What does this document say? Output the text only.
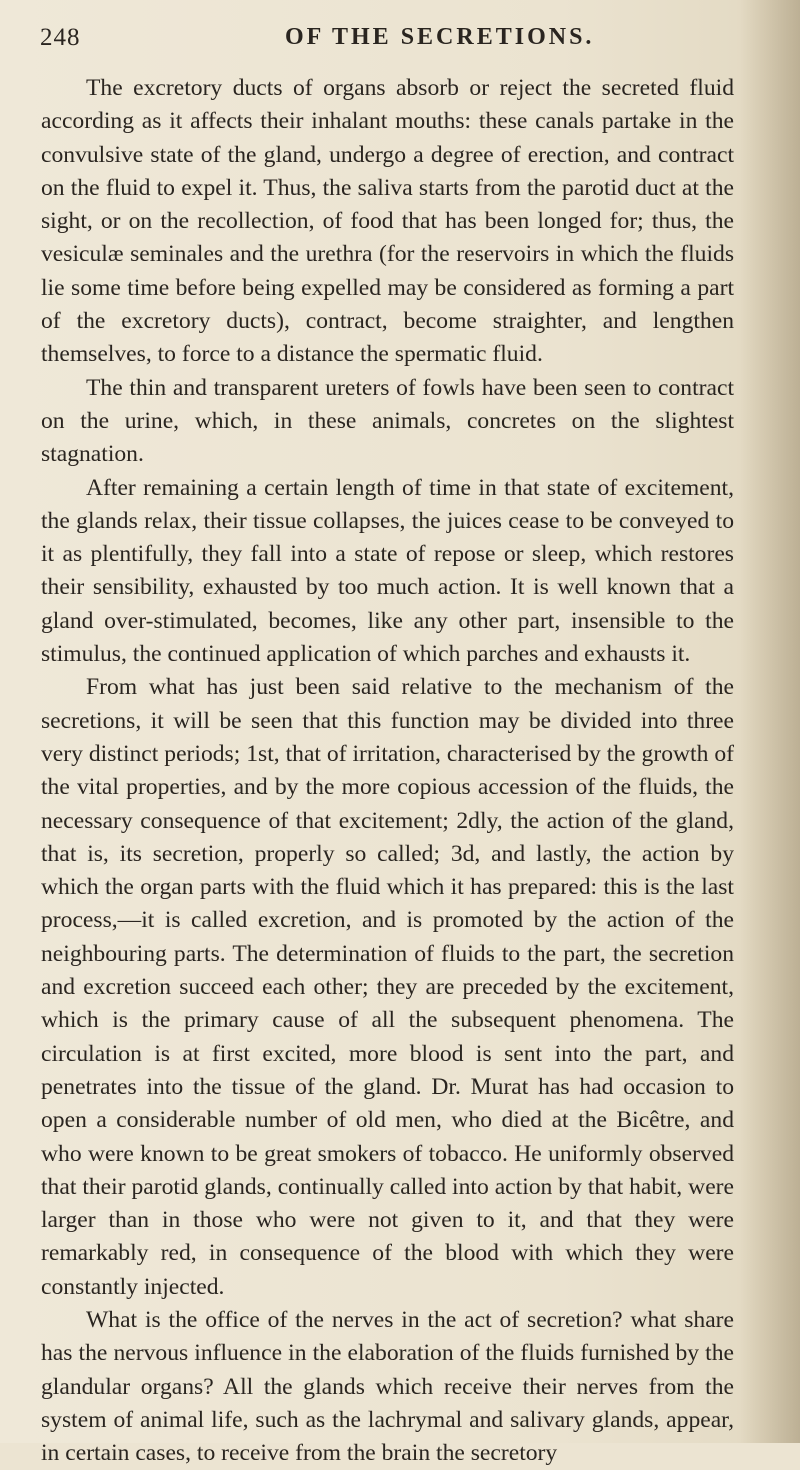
248	OF THE SECRETIONS.

The excretory ducts of organs absorb or reject the secreted fluid according as it affects their inhalant mouths: these canals partake in the convulsive state of the gland, undergo a degree of erection, and contract on the fluid to expel it. Thus, the saliva starts from the parotid duct at the sight, or on the recollection, of food that has been longed for; thus, the vesiculæ seminales and the urethra (for the reservoirs in which the fluids lie some time before being expelled may be considered as forming a part of the excretory ducts), contract, become straighter, and lengthen themselves, to force to a distance the spermatic fluid.

The thin and transparent ureters of fowls have been seen to contract on the urine, which, in these animals, concretes on the slightest stagnation.

After remaining a certain length of time in that state of excitement, the glands relax, their tissue collapses, the juices cease to be conveyed to it as plentifully, they fall into a state of repose or sleep, which restores their sensibility, exhausted by too much action. It is well known that a gland over-stimulated, becomes, like any other part, insensible to the stimulus, the continued application of which parches and exhausts it.

From what has just been said relative to the mechanism of the secretions, it will be seen that this function may be divided into three very distinct periods; 1st, that of irritation, characterised by the growth of the vital properties, and by the more copious accession of the fluids, the necessary consequence of that excitement; 2dly, the action of the gland, that is, its secretion, properly so called; 3d, and lastly, the action by which the organ parts with the fluid which it has prepared: this is the last process,—it is called excretion, and is promoted by the action of the neighbouring parts. The determination of fluids to the part, the secretion and excretion succeed each other; they are preceded by the excitement, which is the primary cause of all the subsequent phenomena. The circulation is at first excited, more blood is sent into the part, and penetrates into the tissue of the gland. Dr. Murat has had occasion to open a considerable number of old men, who died at the Bicêtre, and who were known to be great smokers of tobacco. He uniformly observed that their parotid glands, continually called into action by that habit, were larger than in those who were not given to it, and that they were remarkably red, in consequence of the blood with which they were constantly injected.

What is the office of the nerves in the act of secretion? what share has the nervous influence in the elaboration of the fluids furnished by the glandular organs? All the glands which receive their nerves from the system of animal life, such as the lachrymal and salivary glands, appear, in certain cases, to receive from the brain the secretory
